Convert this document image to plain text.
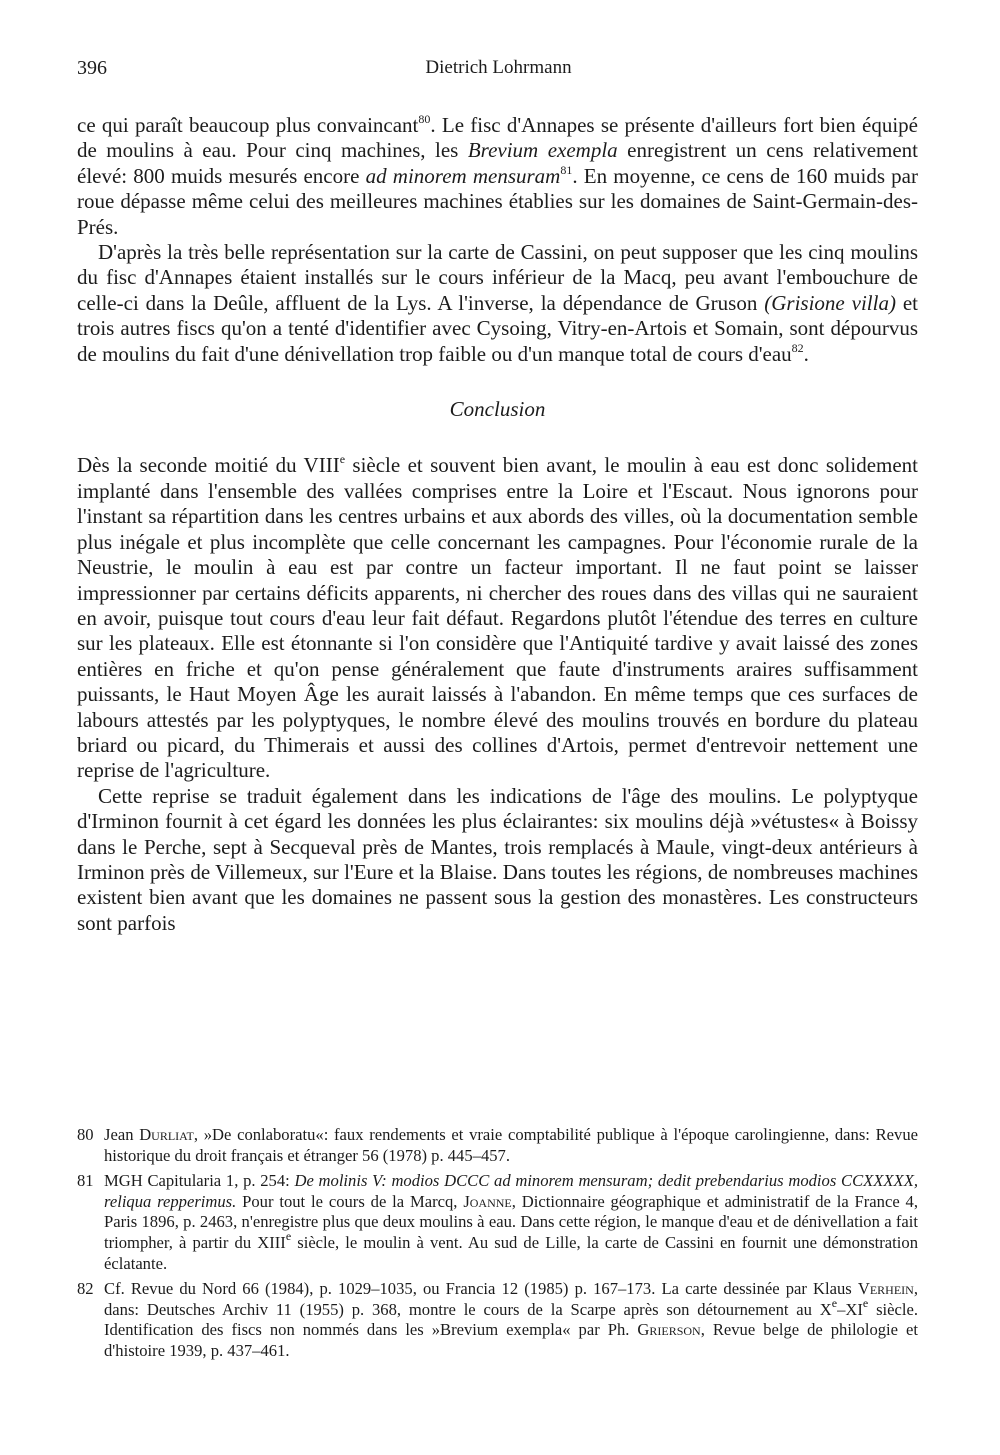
396	Dietrich Lohrmann

ce qui paraît beaucoup plus convaincant$^{80}$. Le fisc d'Annapes se présente d'ailleurs fort bien équipé de moulins à eau. Pour cinq machines, les Brevium exempla enregistrent un cens relativement élevé: 800 muids mesurés encore ad minorem mensuram$^{81}$. En moyenne, ce cens de 160 muids par roue dépasse même celui des meilleures machines établies sur les domaines de Saint-Germain-des-Prés.

D'après la très belle représentation sur la carte de Cassini, on peut supposer que les cinq moulins du fisc d'Annapes étaient installés sur le cours inférieur de la Macq, peu avant l'embouchure de celle-ci dans la Deûle, affluent de la Lys. A l'inverse, la dépendance de Gruson (Grisione villa) et trois autres fiscs qu'on a tenté d'identifier avec Cysoing, Vitry-en-Artois et Somain, sont dépourvus de moulins du fait d'une dénivellation trop faible ou d'un manque total de cours d'eau$^{82}$.

Conclusion

Dès la seconde moitié du VIIIe siècle et souvent bien avant, le moulin à eau est donc solidement implanté dans l'ensemble des vallées comprises entre la Loire et l'Escaut. Nous ignorons pour l'instant sa répartition dans les centres urbains et aux abords des villes, où la documentation semble plus inégale et plus incomplète que celle concernant les campagnes. Pour l'économie rurale de la Neustrie, le moulin à eau est par contre un facteur important. Il ne faut point se laisser impressionner par certains déficits apparents, ni chercher des roues dans des villas qui ne sauraient en avoir, puisque tout cours d'eau leur fait défaut. Regardons plutôt l'étendue des terres en culture sur les plateaux. Elle est étonnante si l'on considère que l'Antiquité tardive y avait laissé des zones entières en friche et qu'on pense généralement que faute d'instruments araires suffisamment puissants, le Haut Moyen Âge les aurait laissés à l'abandon. En même temps que ces surfaces de labours attestés par les polyptyques, le nombre élevé des moulins trouvés en bordure du plateau briard ou picard, du Thimerais et aussi des collines d'Artois, permet d'entrevoir nettement une reprise de l'agriculture.

Cette reprise se traduit également dans les indications de l'âge des moulins. Le polyptyque d'Irminon fournit à cet égard les données les plus éclairantes: six moulins déjà »vétustes« à Boissy dans le Perche, sept à Secqueval près de Mantes, trois remplacés à Maule, vingt-deux antérieurs à Irminon près de Villemeux, sur l'Eure et la Blaise. Dans toutes les régions, de nombreuses machines existent bien avant que les domaines ne passent sous la gestion des monastères. Les constructeurs sont parfois

80 Jean Durliat, »De conlaboratu«: faux rendements et vraie comptabilité publique à l'époque carolingienne, dans: Revue historique du droit français et étranger 56 (1978) p. 445–457.
81 MGH Capitularia 1, p. 254: De molinis V: modios DCCC ad minorem mensuram; dedit prebendarius modios CCXXXXX, reliqua repperimus. Pour tout le cours de la Marcq, Joanne, Dictionnaire géographique et administratif de la France 4, Paris 1896, p. 2463, n'enregistre plus que deux moulins à eau. Dans cette région, le manque d'eau et de dénivellation a fait triompher, à partir du XIIIe siècle, le moulin à vent. Au sud de Lille, la carte de Cassini en fournit une démonstration éclatante.
82 Cf. Revue du Nord 66 (1984), p. 1029–1035, ou Francia 12 (1985) p. 167–173. La carte dessinée par Klaus Verhein, dans: Deutsches Archiv 11 (1955) p. 368, montre le cours de la Scarpe après son détournement au Xe–XIe siècle. Identification des fiscs non nommés dans les »Brevium exempla« par Ph. Grierson, Revue belge de philologie et d'histoire 1939, p. 437–461.
